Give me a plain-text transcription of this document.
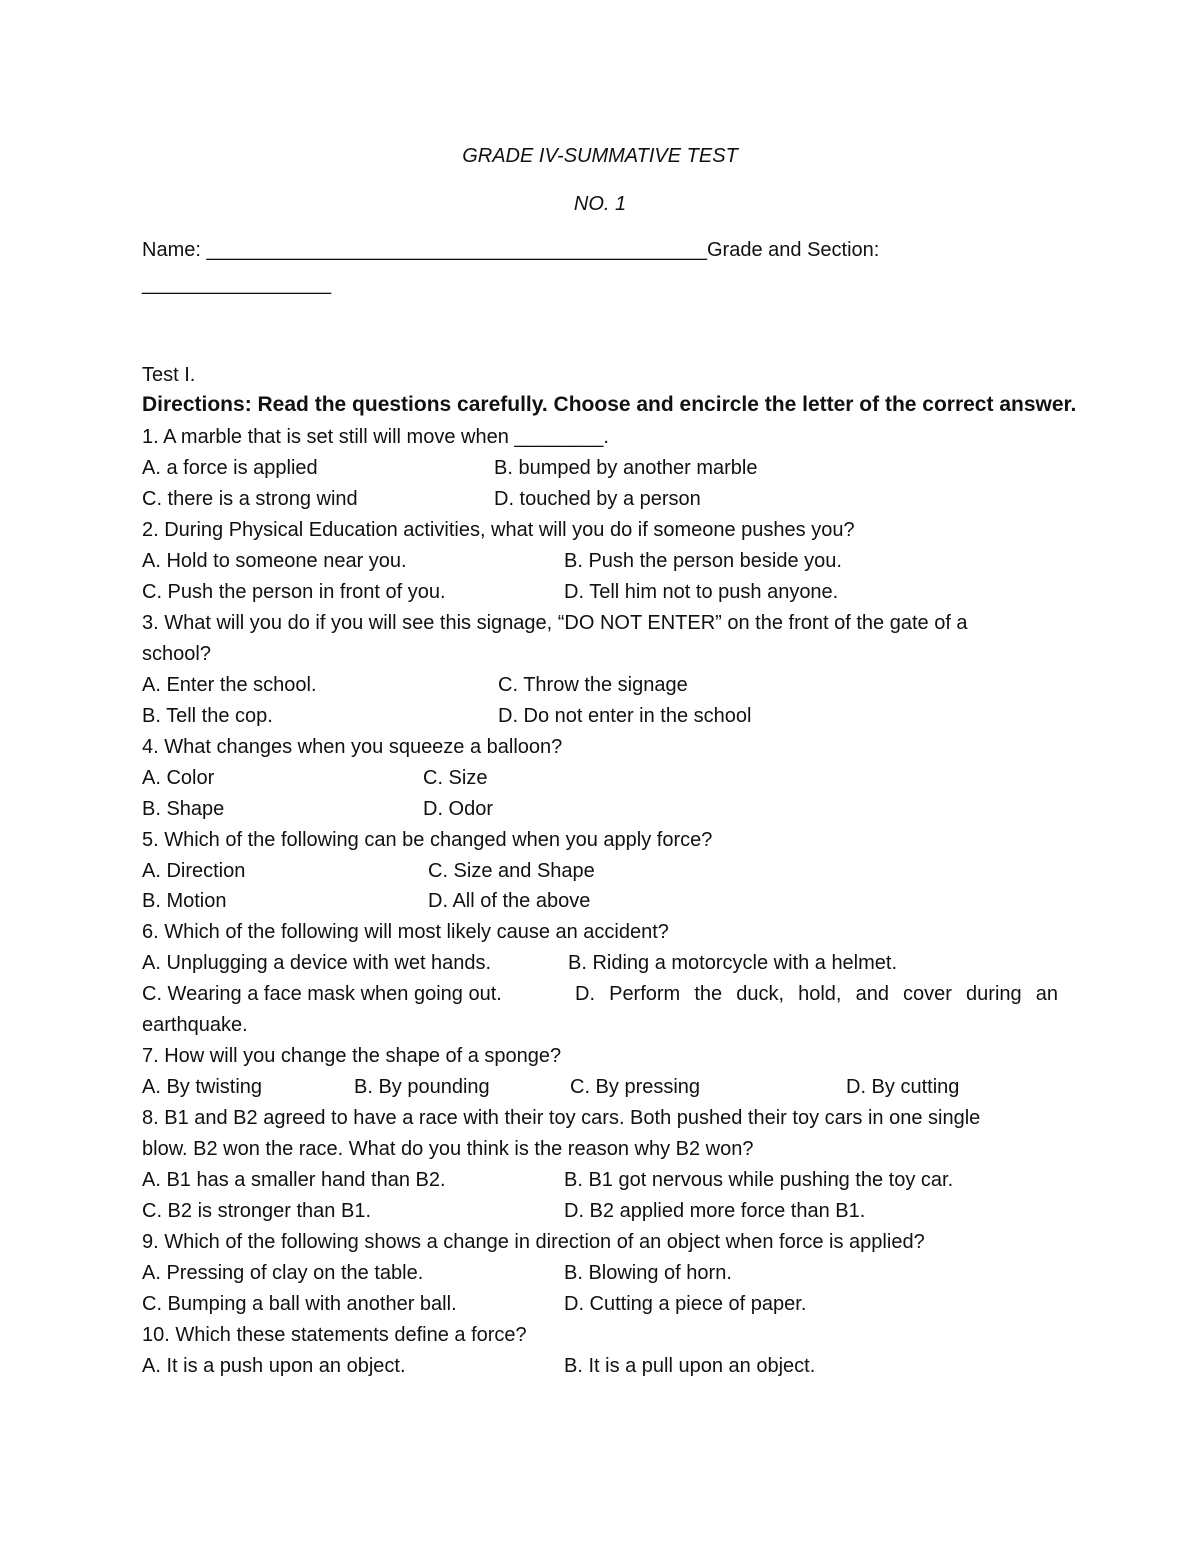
GRADE IV-SUMMATIVE TEST
NO. 1
Name: _____________________________________________Grade and Section:
_________________
Test I.
Directions: Read the questions carefully. Choose and encircle the letter of the correct answer.
1. A marble that is set still will move when ________.
A. a force is applied	B. bumped by another marble
C. there is a strong wind	D. touched by a person
2. During Physical Education activities, what will you do if someone pushes you?
A. Hold to someone near you.	B. Push the person beside you.
C. Push the person in front of you.	D. Tell him not to push anyone.
3. What will you do if you will see this signage, “DO NOT ENTER” on the front of the gate of a
school?
A. Enter the school.	C. Throw the signage
B. Tell the cop.	D. Do not enter in the school
4. What changes when you squeeze a balloon?
A. Color	C. Size
B. Shape	D. Odor
5. Which of the following can be changed when you apply force?
A. Direction	C. Size and Shape
B. Motion	D. All of the above
6. Which of the following will most likely cause an accident?
A. Unplugging a device with wet hands.	B. Riding a motorcycle with a helmet.
C. Wearing a face mask when going out.	D. Perform the duck, hold, and cover during an
earthquake.
7. How will you change the shape of a sponge?
A. By twisting	B. By pounding	C. By pressing	D. By cutting
8. B1 and B2 agreed to have a race with their toy cars. Both pushed their toy cars in one single
blow. B2 won the race. What do you think is the reason why B2 won?
A. B1 has a smaller hand than B2.	B. B1 got nervous while pushing the toy car.
C. B2 is stronger than B1.	D. B2 applied more force than B1.
9. Which of the following shows a change in direction of an object when force is applied?
A. Pressing of clay on the table.	B. Blowing of horn.
C. Bumping a ball with another ball.	D. Cutting a piece of paper.
10. Which these statements define a force?
A. It is a push upon an object.	B. It is a pull upon an object.
